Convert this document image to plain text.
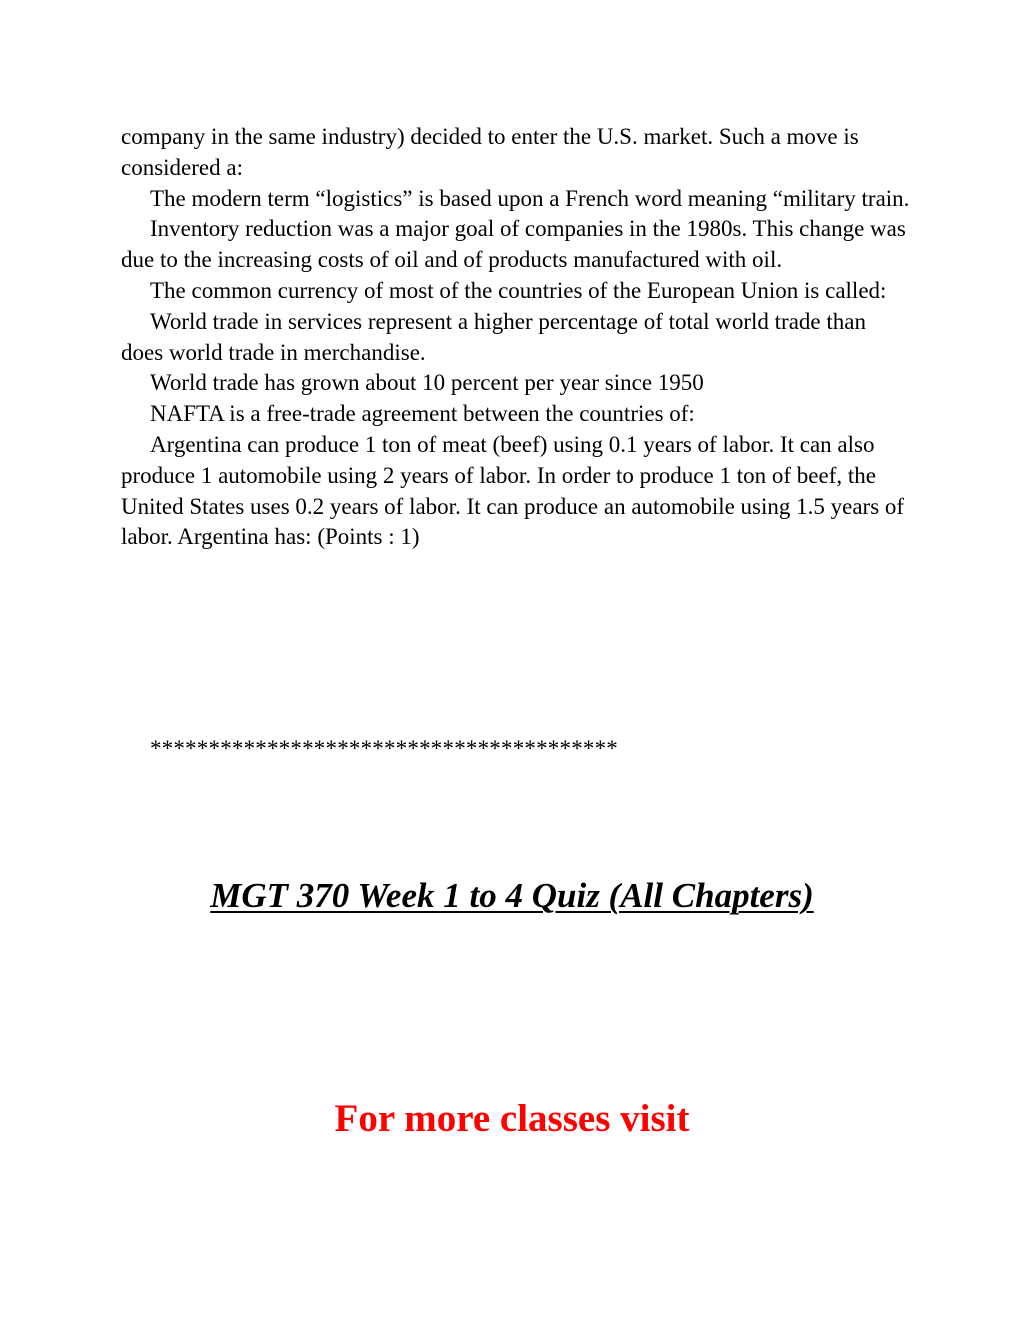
company in the same industry) decided to enter the U.S. market. Such a move is considered a:

The modern term “logistics” is based upon a French word meaning “military train.

Inventory reduction was a major goal of companies in the 1980s. This change was due to the increasing costs of oil and of products manufactured with oil.

The common currency of most of the countries of the European Union is called:

World trade in services represent a higher percentage of total world trade than does world trade in merchandise.

World trade has grown about 10 percent per year since 1950

NAFTA is a free-trade agreement between the countries of:

Argentina can produce 1 ton of meat (beef) using 0.1 years of labor. It can also produce 1 automobile using 2 years of labor. In order to produce 1 ton of beef, the United States uses 0.2 years of labor. It can produce an automobile using 1.5 years of labor. Argentina has: (Points : 1)

****************************************
MGT 370 Week 1 to 4 Quiz (All Chapters)
For more classes visit
